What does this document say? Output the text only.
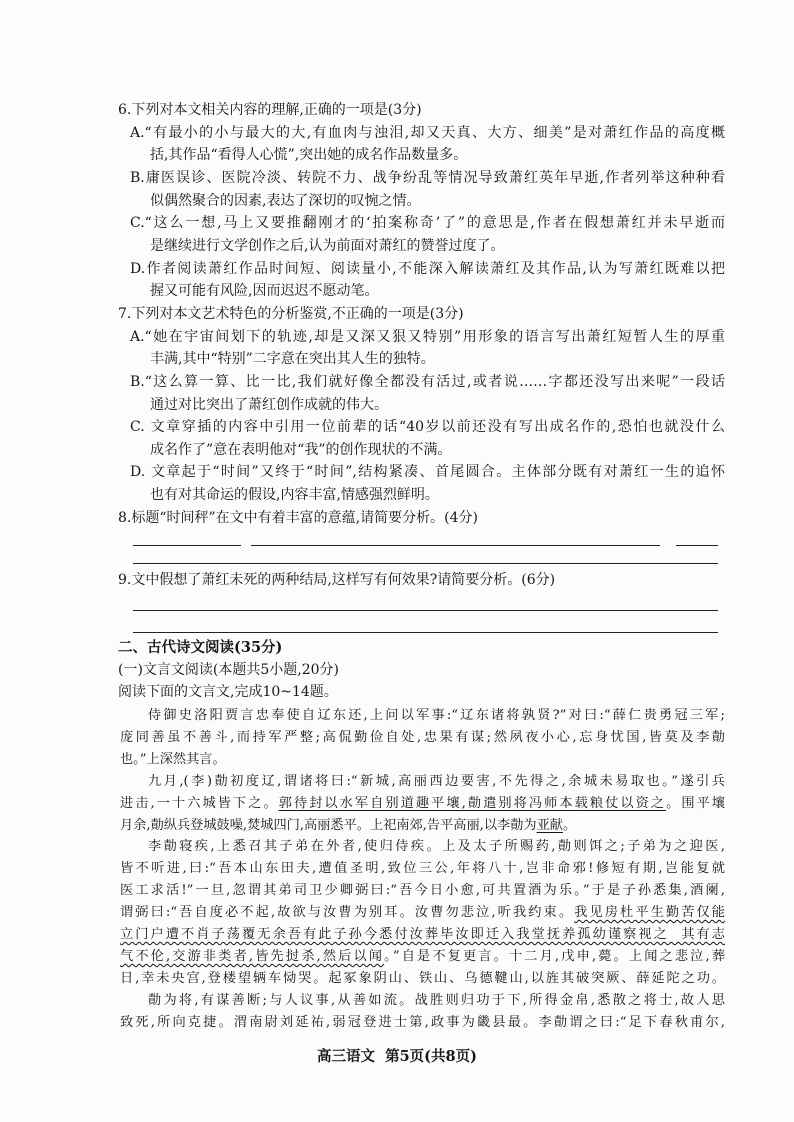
6.下列对本文相关内容的理解,正确的一项是(3分)
A.“有最小的小与最大的大,有血肉与浊泪,却又天真、大方、细美”是对萧红作品的高度概
括,其作品“看得人心慌”,突出她的成名作品数量多。
B.庸医误诊、医院冷淡、转院不力、战争纷乱等情况导致萧红英年早逝,作者列举这种种看
似偶然聚合的因素,表达了深切的叹惋之情。
C.“这么一想,马上又要推翻刚才的‘拍案称奇’了”的意思是,作者在假想萧红并未早逝而
是继续进行文学创作之后,认为前面对萧红的赞誉过度了。
D.作者阅读萧红作品时间短、阅读量小,不能深入解读萧红及其作品,认为写萧红既难以把
握又可能有风险,因而迟迟不愿动笔。
7.下列对本文艺术特色的分析鉴赏,不正确的一项是(3分)
A.“她在宇宙间划下的轨迹,却是又深又狠又特别”用形象的语言写出萧红短暂人生的厚重
丰满,其中“特别”二字意在突出其人生的独特。
B.“这么算一算、比一比,我们就好像全都没有活过,或者说……字都还没写出来呢”一段话
通过对比突出了萧红创作成就的伟大。
C. 文章穿插的内容中引用一位前辈的话“40岁以前还没有写出成名作的,恐怕也就没什么
成名作了”意在表明他对“我”的创作现状的不满。
D. 文章起于“时间”又终于“时间”,结构紧凑、首尾圆合。主体部分既有对萧红一生的追怀
也有对其命运的假设,内容丰富,情感强烈鲜明。
8.标题“时间秤”在文中有着丰富的意蕴,请简要分析。(4分)
9.文中假想了萧红未死的两种结局,这样写有何效果?请简要分析。(6分)
二、古代诗文阅读(35分)
(一)文言文阅读(本题共5小题,20分)
阅读下面的文言文,完成10~14题。
侍御史洛阳贾言忠奉使自辽东还,上问以军事:“辽东诸将孰贤?”对曰:“薛仁贵勇冠三军;
庞同善虽不善斗,而持军严整;高侃勤俭自处,忠果有谋;然夙夜小心,忘身忧国,皆莫及李勣
也。”上深然其言。
九月,(李)勣初度辽,谓诸将曰:“新城,高丽西边要害,不先得之,余城未易取也。”遂引兵
进击,一十六城皆下之。郭待封以水军自别道趣平壤,勣遣别将冯师本载粮仗以资之。围平壤
月余,勣纵兵登城鼓噪,焚城四门,高丽悉平。上祀南郊,告平高丽,以李勣为亚献。
李勣寝疾,上悉召其子弟在外者,使归侍疾。上及太子所赐药,勣则饵之;子弟为之迎医,
皆不听进,曰:“吾本山东田夫,遭值圣明,致位三公,年将八十,岂非命邪!修短有期,岂能复就
医工求活!”一旦,忽谓其弟司卫少卿弼曰:“吾今日小愈,可共置酒为乐。”于是子孙悉集,酒阑,
谓弼曰:“吾自度必不起,故欲与汝曹为别耳。汝曹勿悲泣,听我约束。我见房杜平生勤苦仅能
立门户遭不肖子荡覆无余吾有此子孙今悉付汝葬毕汝即迁入我堂抚养孤幼谨察视之  其有志
气不伦,交游非类者,皆先挝杀,然后以闻。”自是不复更言。十二月,戊申,薨。上闻之悲泣,葬
日,幸未央宫,登楼望辆车恸哭。起冢象阴山、铁山、乌德鞬山,以旌其破突厥、薛延陀之功。
勣为将,有谋善断;与人议事,从善如流。战胜则归功于下,所得金帛,悉散之将士,故人思
致死,所向克捷。渭南尉刘延祐,弱冠登进士第,政事为畿县最。李勣谓之曰:“足下春秋甫尔,
高三语文  第5页(共8页)
